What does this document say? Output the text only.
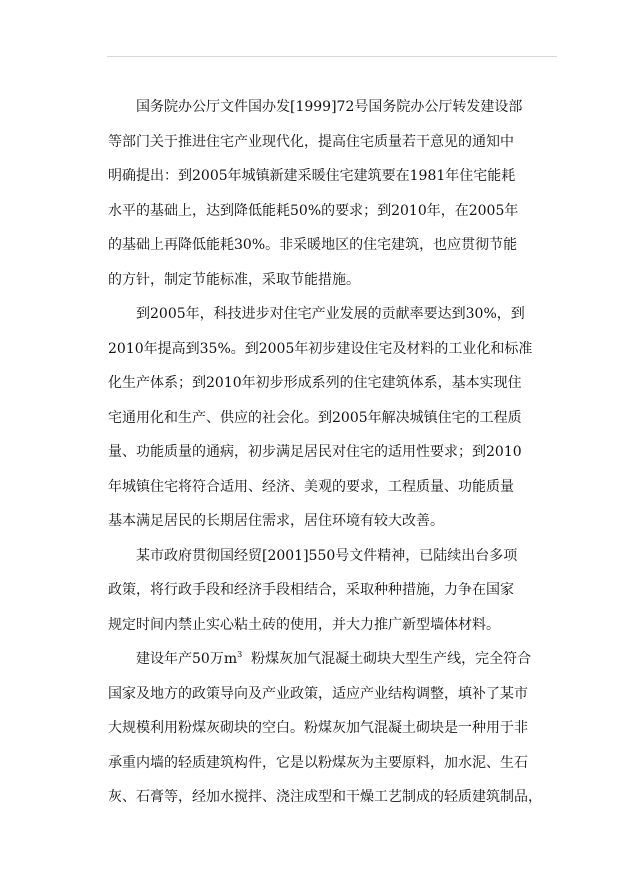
国务院办公厅文件国办发[1999]72号国务院办公厅转发建设部
等部门关于推进住宅产业现代化，提高住宅质量若干意见的通知中
明确提出：到2005年城镇新建采暖住宅建筑要在1981年住宅能耗
水平的基础上，达到降低能耗50%的要求；到2010年，在2005年
的基础上再降低能耗30%。非采暖地区的住宅建筑，也应贯彻节能
的方针，制定节能标准，采取节能措施。
到2005年，科技进步对住宅产业发展的贡献率要达到30%，到
2010年提高到35%。到2005年初步建设住宅及材料的工业化和标准
化生产体系；到2010年初步形成系列的住宅建筑体系，基本实现住
宅通用化和生产、供应的社会化。到2005年解决城镇住宅的工程质
量、功能质量的通病，初步满足居民对住宅的适用性要求；到2010
年城镇住宅将符合适用、经济、美观的要求，工程质量、功能质量
基本满足居民的长期居住需求，居住环境有较大改善。
某市政府贯彻国经贸[2001]550号文件精神，已陆续出台多项
政策，将行政手段和经济手段相结合，采取种种措施，力争在国家
规定时间内禁止实心粘土砖的使用，并大力推广新型墙体材料。
建设年产50万$m^3$  粉煤灰加气混凝土砌块大型生产线，完全符合
国家及地方的政策导向及产业政策，适应产业结构调整，填补了某市
大规模利用粉煤灰砌块的空白。粉煤灰加气混凝土砌块是一种用于非
承重内墙的轻质建筑构件，它是以粉煤灰为主要原料，加水泥、生石
灰、石膏等，经加水搅拌、浇注成型和干燥工艺制成的轻质建筑制品，
